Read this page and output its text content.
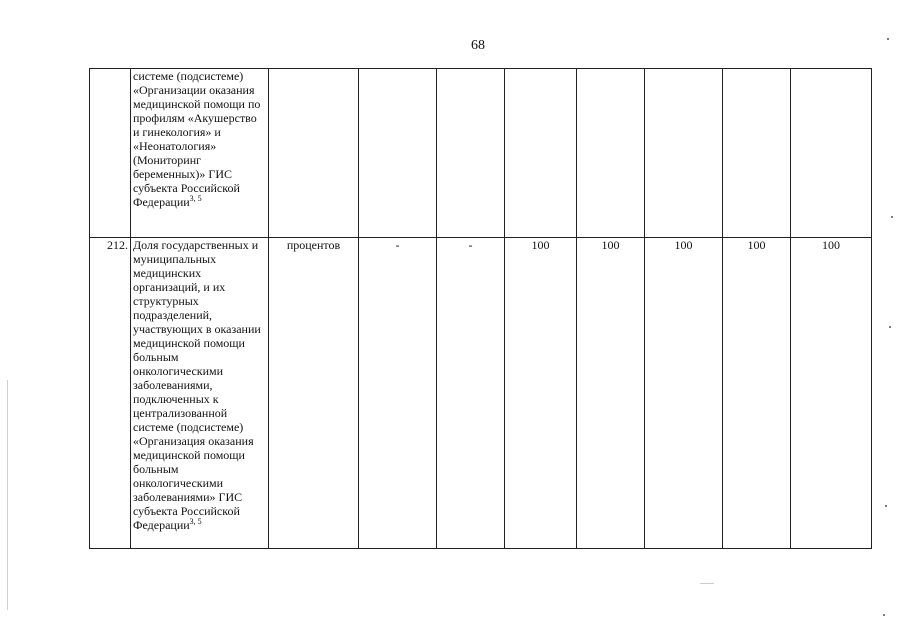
68
	системе (подсистеме) «Организации оказания медицинской помощи по профилям «Акушерство и гинекология» и «Неонатология» (Мониторинг беременных)» ГИС субъекта Российской Федерации$^{3, 5}$								
212.	Доля государственных и муниципальных медицинских организаций, и их структурных подразделений, участвующих в оказании медицинской помощи больным онкологическими заболеваниями, подключенных к централизованной системе (подсистеме) «Организация оказания медицинской помощи больным онкологическими заболеваниями» ГИС субъекта Российской Федерации$^{3, 5}$	процентов	-	-	100	100	100	100	100
